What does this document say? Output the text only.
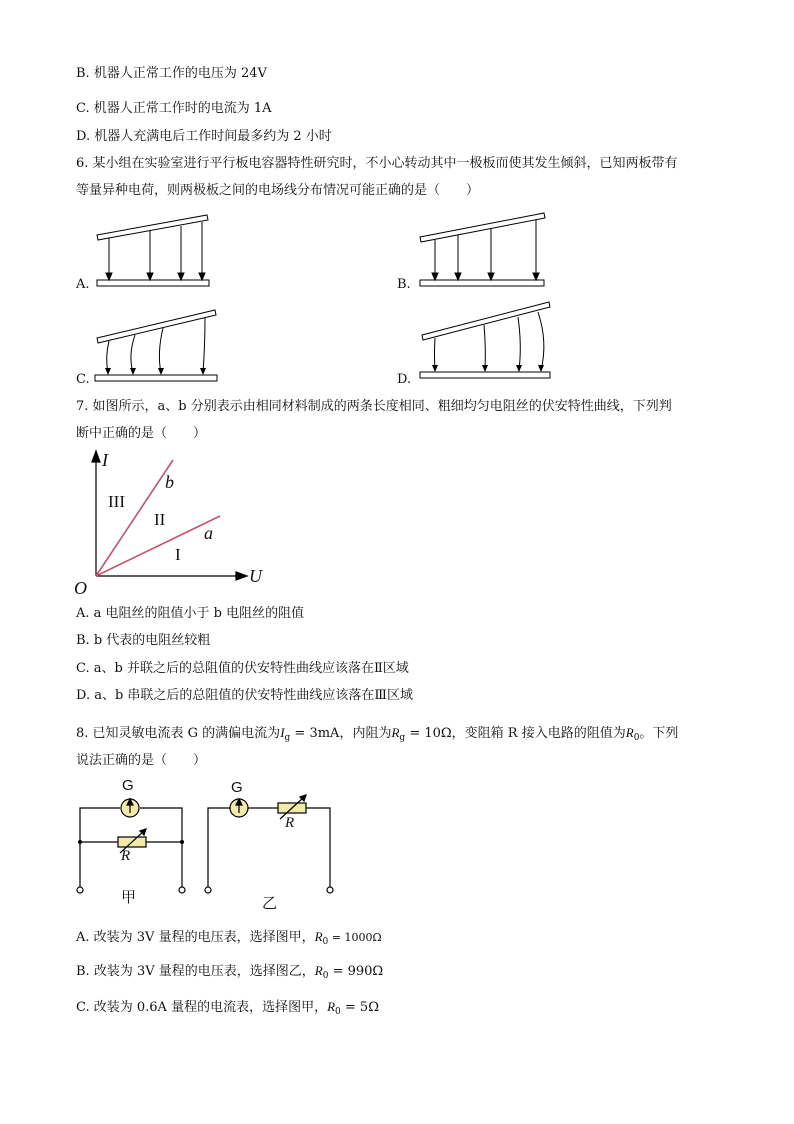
B. 机器人正常工作的电压为 24V
C. 机器人正常工作时的电流为 1A
D. 机器人充满电后工作时间最多约为 2 小时
6. 某小组在实验室进行平行板电容器特性研究时，不小心转动其中一极板而使其发生倾斜，已知两板带有
等量异种电荷，则两极板之间的电场线分布情况可能正确的是（　　）
A.	B.
C.	D.
7. 如图所示，a、b 分别表示由相同材料制成的两条长度相同、粗细均匀电阻丝的伏安特性曲线，下列判
断中正确的是（　　）
I
U
O
b
a
III
II
I
A. a 电阻丝的阻值小于 b 电阻丝的阻值
B. b 代表的电阻丝较粗
C. a、b 并联之后的总阻值的伏安特性曲线应该落在Ⅱ区域
D. a、b 串联之后的总阻值的伏安特性曲线应该落在Ⅲ区域
8. 已知灵敏电流表 G 的满偏电流为$I_g = 3mA$，内阻为$R_g = 10\Omega$，变阻箱 R 接入电路的阻值为$R_0$。下列
说法正确的是（　　）
G
R
甲
G
R
乙
A. 改装为 3V 量程的电压表，选择图甲，$R_0 = 1000\Omega$
B. 改装为 3V 量程的电压表，选择图乙，$R_0 = 990\Omega$
C. 改装为 0.6A 量程的电流表，选择图甲，$R_0 = 5\Omega$
